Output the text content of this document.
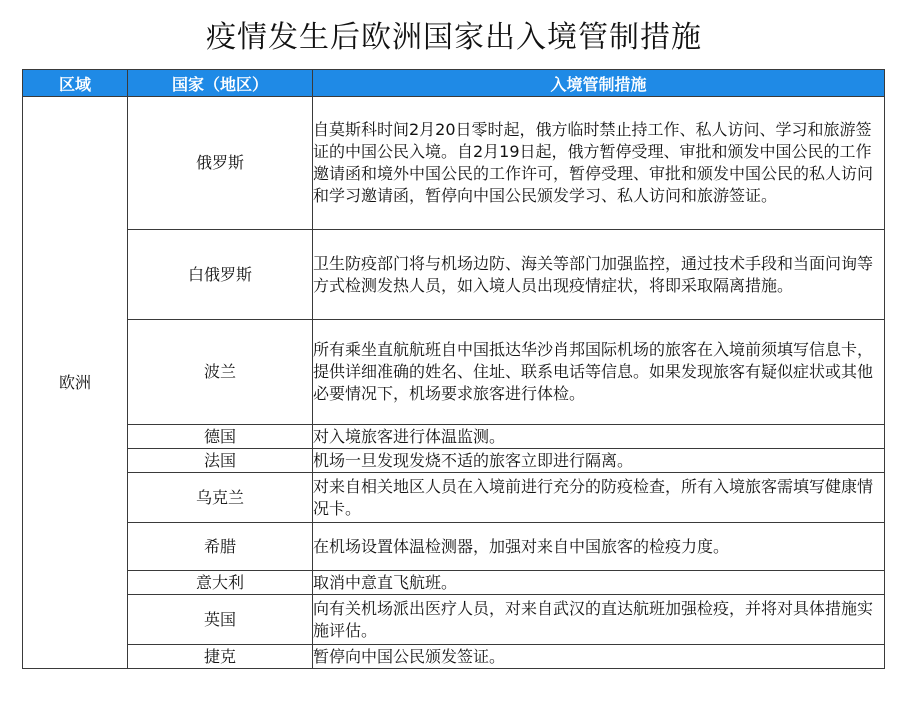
疫情发生后欧洲国家出入境管制措施
区域	国家（地区）	入境管制措施
欧洲	俄罗斯	自莫斯科时间2月20日零时起，俄方临时禁止持工作、私人访问、学习和旅游签证的中国公民入境。自2月19日起，俄方暂停受理、审批和颁发中国公民的工作邀请函和境外中国公民的工作许可，暂停受理、审批和颁发中国公民的私人访问和学习邀请函，暂停向中国公民颁发学习、私人访问和旅游签证。
	白俄罗斯	卫生防疫部门将与机场边防、海关等部门加强监控，通过技术手段和当面问询等方式检测发热人员，如入境人员出现疫情症状，将即采取隔离措施。
	波兰	所有乘坐直航航班自中国抵达华沙肖邦国际机场的旅客在入境前须填写信息卡，提供详细准确的姓名、住址、联系电话等信息。如果发现旅客有疑似症状或其他必要情况下，机场要求旅客进行体检。
	德国	对入境旅客进行体温监测。
	法国	机场一旦发现发烧不适的旅客立即进行隔离。
	乌克兰	对来自相关地区人员在入境前进行充分的防疫检查，所有入境旅客需填写健康情况卡。
	希腊	在机场设置体温检测器，加强对来自中国旅客的检疫力度。
	意大利	取消中意直飞航班。
	英国	向有关机场派出医疗人员，对来自武汉的直达航班加强检疫，并将对具体措施实施评估。
	捷克	暂停向中国公民颁发签证。
